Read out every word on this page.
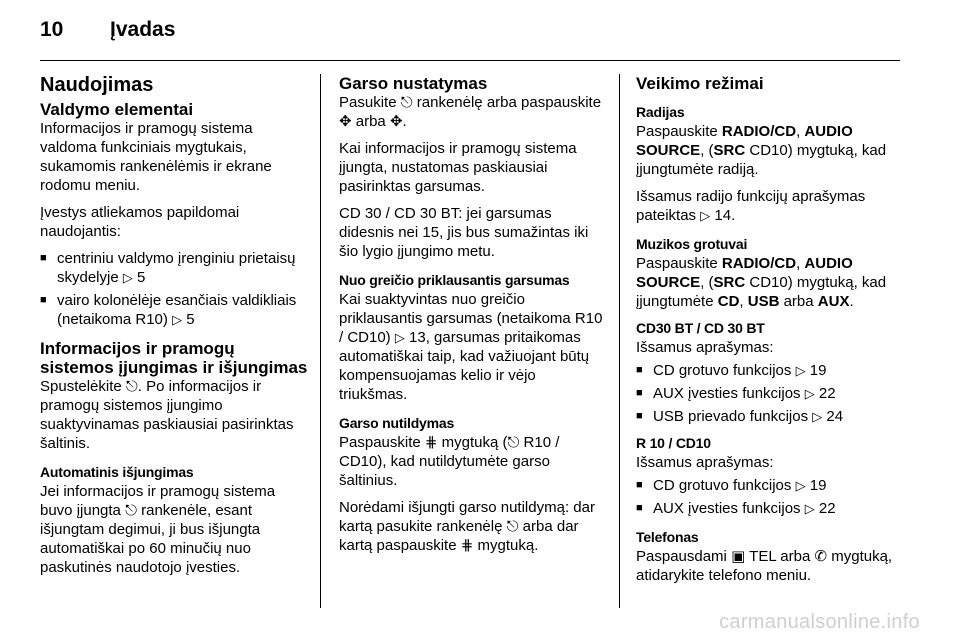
10 Įvadas
Naudojimas
Valdymo elementai

Informacijos ir pramogų sistema valdoma funkciniais mygtukais, sukamomis rankenėlėmis ir ekrane rodomu meniu.

Įvestys atliekamos papildomai naudojantis:

■ centriniu valdymo įrenginiu prietaisų skydelyje ▷ 5
■ vairo kolonėlėje esančiais valdikliais (netaikoma R10) ▷ 5
Informacijos ir pramogų sistemos įjungimas ir išjungimas

Spustelėkite ⎋. Po informacijos ir pramogų sistemos įjungimo suaktyvinamas paskiausiai pasirinktas šaltinis.

Automatinis išjungimas

Jei informacijos ir pramogų sistema buvo įjungta ⎋ rankenėle, esant išjungtam degimui, ji bus išjungta automatiškai po 60 minučių nuo paskutinės naudotojo įvesties.

Garso nustatymas

Pasukite ⎋ rankenėlę arba paspauskite ✥ arba ✥.

Kai informacijos ir pramogų sistema įjungta, nustatomas paskiausiai pasirinktas garsumas.

CD 30 / CD 30 BT: jei garsumas didesnis nei 15, jis bus sumažintas iki šio lygio įjungimo metu.

Nuo greičio priklausantis garsumas

Kai suaktyvintas nuo greičio priklausantis garsumas (netaikoma R10 / CD10) ▷ 13, garsumas pritaikomas automatiškai taip, kad važiuojant būtų kompensuojamas kelio ir vėjo triukšmas.

Garso nutildymas

Paspauskite ⋕ mygtuką (⎋ R10 / CD10), kad nutildytumėte garso šaltinius.

Norėdami išjungti garso nutildymą: dar kartą pasukite rankenėlę ⎋ arba dar kartą paspauskite ⋕ mygtuką.

Veikimo režimai
Radijas

Paspauskite RADIO/CD, AUDIO SOURCE, (SRC CD10) mygtuką, kad įjungtumėte radiją.

Išsamus radijo funkcijų aprašymas pateiktas ▷ 14.

Muzikos grotuvai

Paspauskite RADIO/CD, AUDIO SOURCE, (SRC CD10) mygtuką, kad įjungtumėte CD, USB arba AUX.

CD30 BT / CD 30 BT
Išsamus aprašymas:
■ CD grotuvo funkcijos ▷ 19
■ AUX įvesties funkcijos ▷ 22
■ USB prievado funkcijos ▷ 24
R 10 / CD10
Išsamus aprašymas:
■ CD grotuvo funkcijos ▷ 19
■ AUX įvesties funkcijos ▷ 22
Telefonas

Paspausdami ▣ TEL arba ✆ mygtuką, atidarykite telefono meniu.

carmanualsonline.info
